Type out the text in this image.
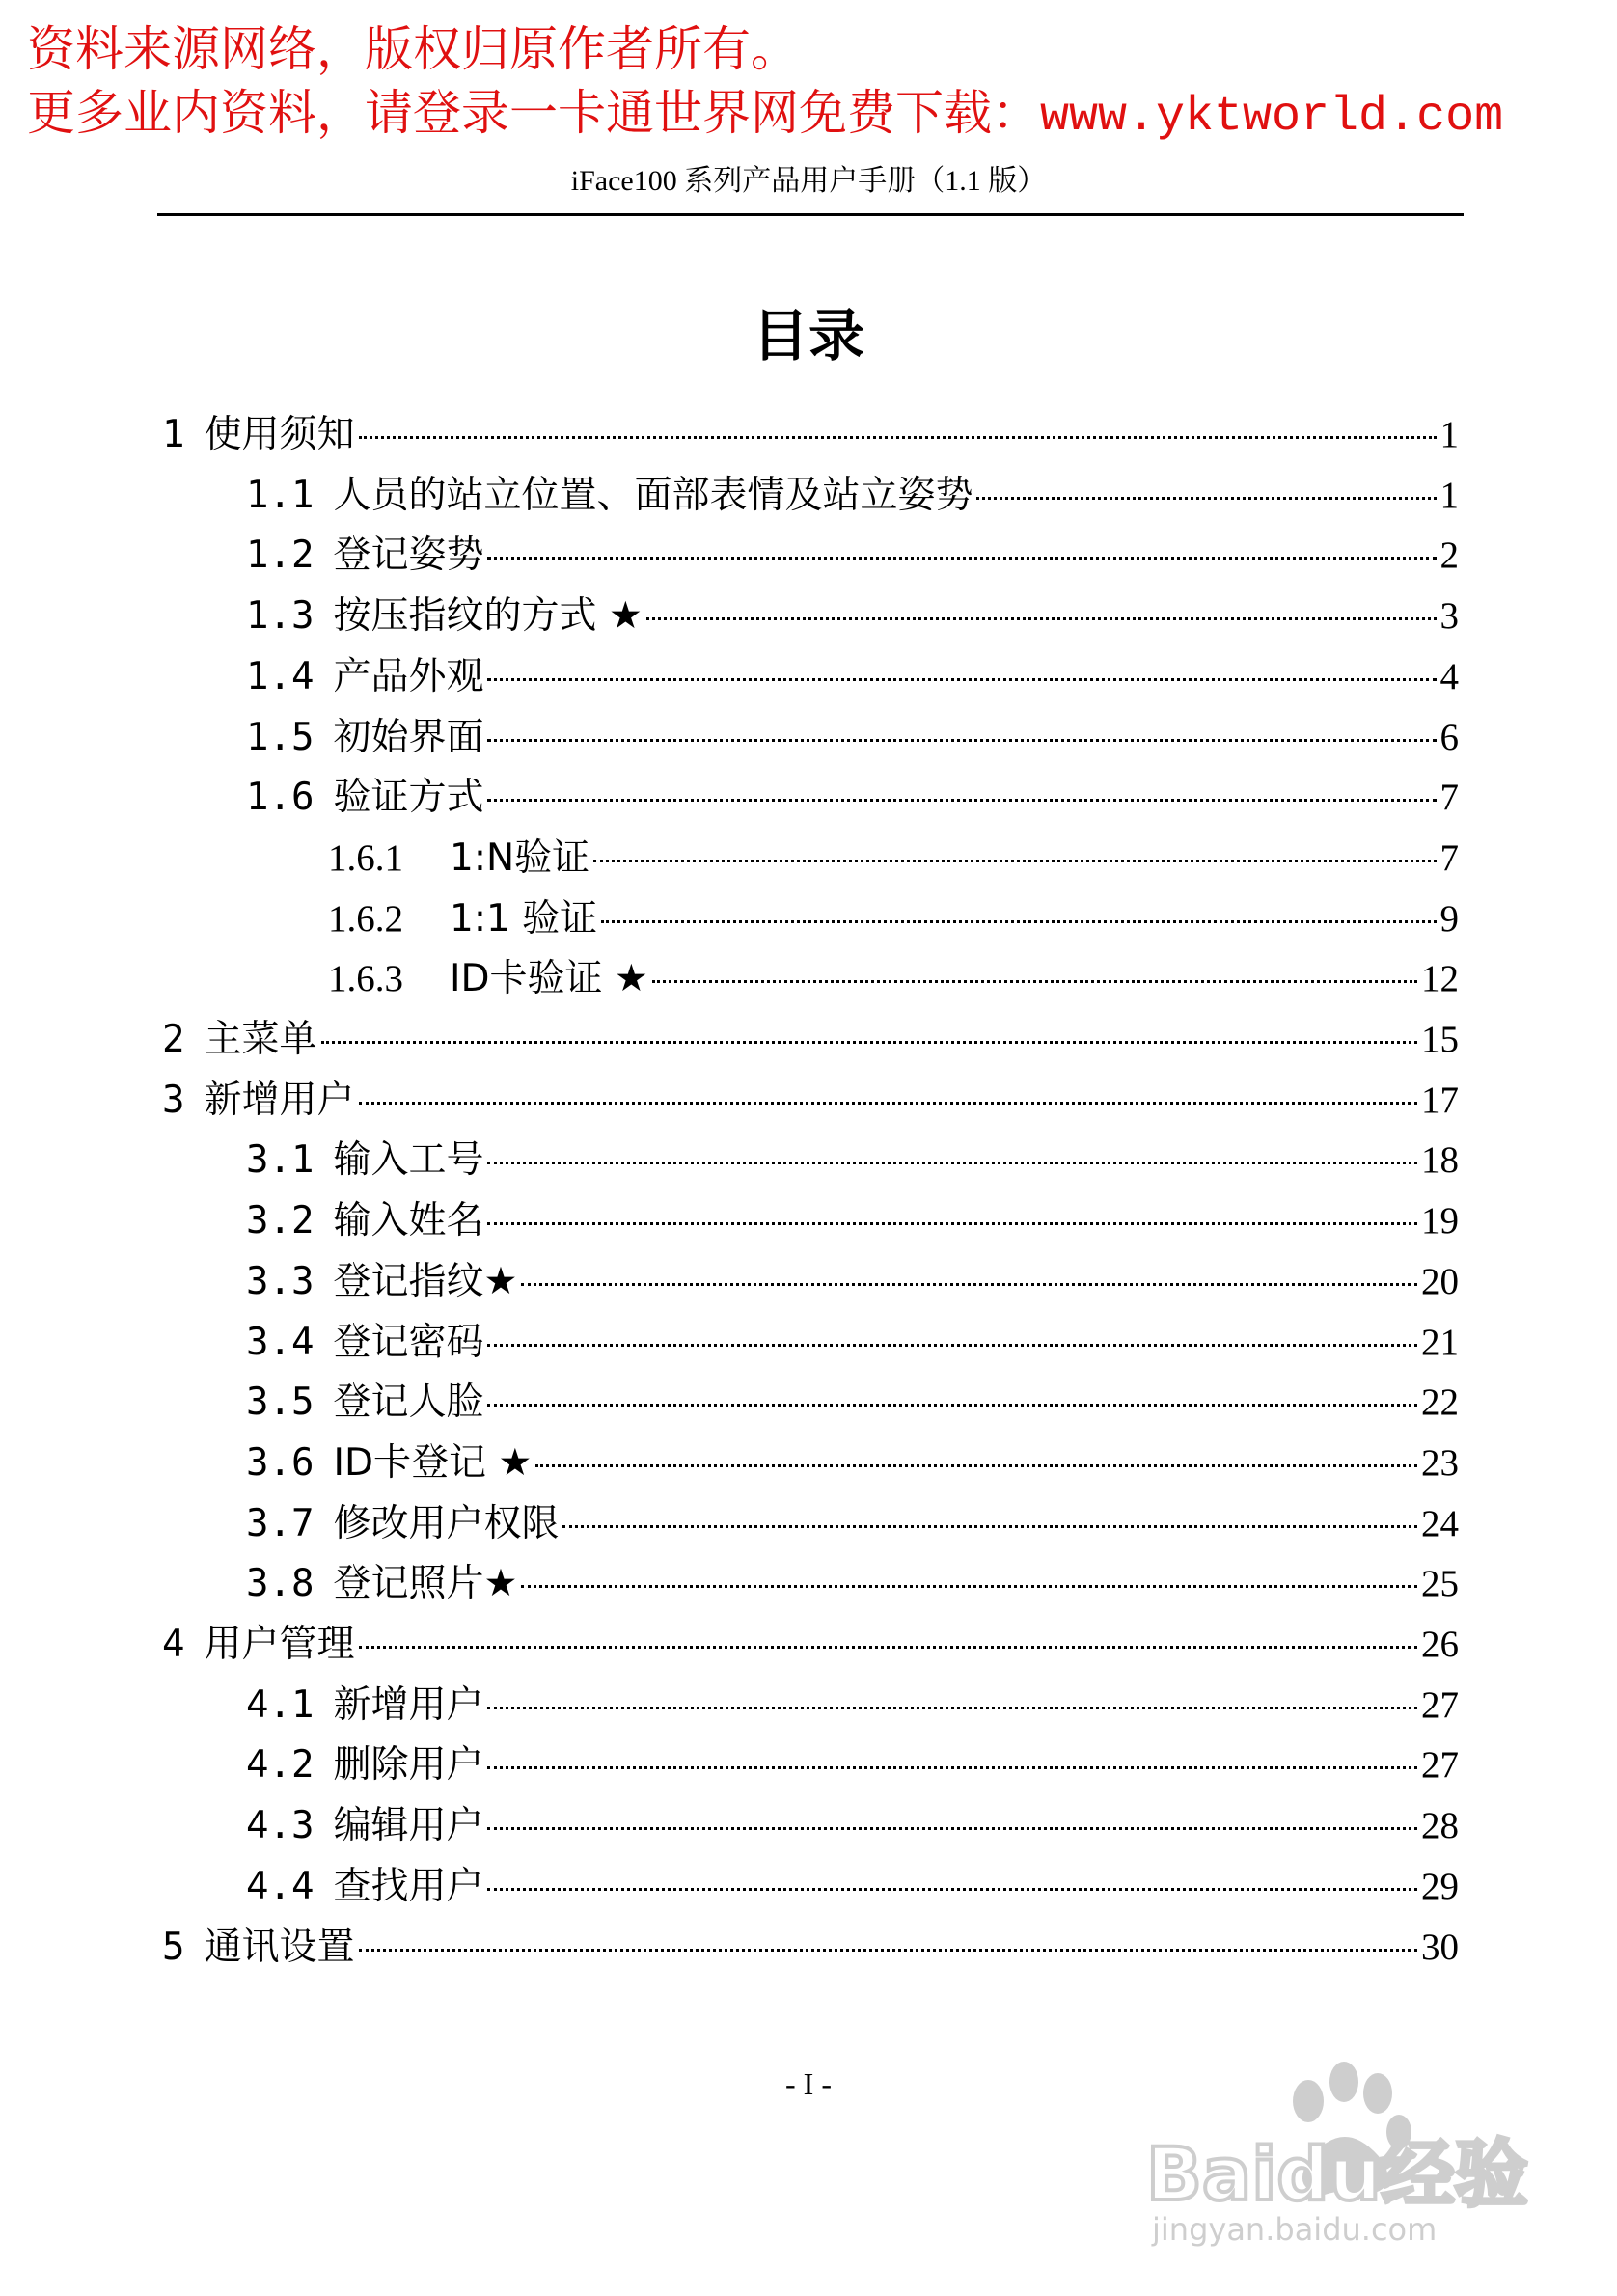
资料来源网络，版权归原作者所有。

更多业内资料，请登录一卡通世界网免费下载：www.yktworld.com

iFace100 系列产品用户手册（1.1 版）
目录
1 使用须知	1
1.1 人员的站立位置、面部表情及站立姿势	1
1.2 登记姿势	2
1.3 按压指纹的方式 ★	3
1.4 产品外观	4
1.5 初始界面	6
1.6 验证方式	7
1.6.1 1:N验证	7
1.6.2 1:1 验证	9
1.6.3 ID卡验证 ★	12
2 主菜单	15
3 新增用户	17
3.1 输入工号	18
3.2 输入姓名	19
3.3 登记指纹★	20
3.4 登记密码	21
3.5 登记人脸	22
3.6 ID卡登记 ★	23
3.7 修改用户权限	24
3.8 登记照片★	25
4 用户管理	26
4.1 新增用户	27
4.2 删除用户	27
4.3 编辑用户	28
4.4 查找用户	29
5 通讯设置	30
- I -
Baidu经验
jingyan.baidu.com
